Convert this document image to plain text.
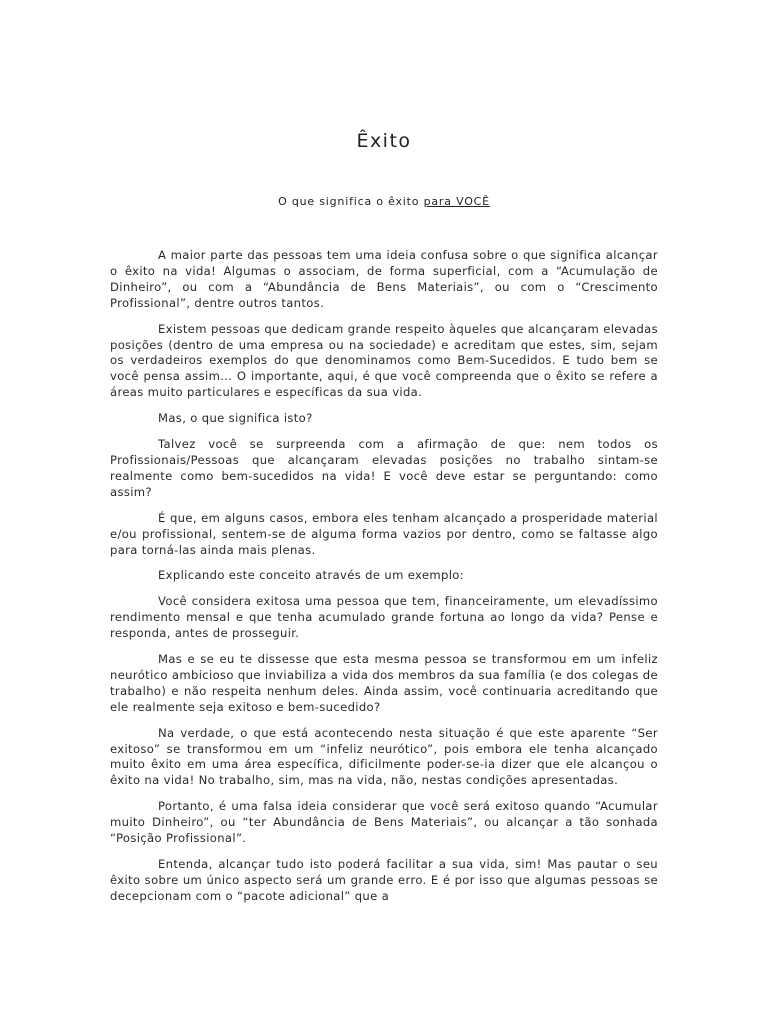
Êxito
O que significa o êxito para VOCÊ

A maior parte das pessoas tem uma ideia confusa sobre o que significa alcançar o êxito na vida! Algumas o associam, de forma superficial, com a “Acumulação de Dinheiro”, ou com a “Abundância de Bens Materiais”, ou com o “Crescimento Profissional”, dentre outros tantos.

Existem pessoas que dedicam grande respeito àqueles que alcançaram elevadas posições (dentro de uma empresa ou na sociedade) e acreditam que estes, sim, sejam os verdadeiros exemplos do que denominamos como Bem-Sucedidos. E tudo bem se você pensa assim... O importante, aqui, é que você compreenda que o êxito se refere a áreas muito particulares e específicas da sua vida.

Mas, o que significa isto?

Talvez você se surpreenda com a afirmação de que: nem todos os Profissionais/Pessoas que alcançaram elevadas posições no trabalho sintam-se realmente como bem-sucedidos na vida! E você deve estar se perguntando: como assim?

É que, em alguns casos, embora eles tenham alcançado a prosperidade material e/ou profissional, sentem-se de alguma forma vazios por dentro, como se faltasse algo para torná-las ainda mais plenas.

Explicando este conceito através de um exemplo:

Você considera exitosa uma pessoa que tem, financeiramente, um elevadíssimo rendimento mensal e que tenha acumulado grande fortuna ao longo da vida? Pense e responda, antes de prosseguir.

Mas e se eu te dissesse que esta mesma pessoa se transformou em um infeliz neurótico ambicioso que inviabiliza a vida dos membros da sua família (e dos colegas de trabalho) e não respeita nenhum deles. Ainda assim, você continuaria acreditando que ele realmente seja exitoso e bem-sucedido?

Na verdade, o que está acontecendo nesta situação é que este aparente “Ser exitoso” se transformou em um “infeliz neurótico”, pois embora ele tenha alcançado muito êxito em uma área específica, dificilmente poder-se-ia dizer que ele alcançou o êxito na vida! No trabalho, sim, mas na vida, não, nestas condições apresentadas.

Portanto, é uma falsa ideia considerar que você será exitoso quando “Acumular muito Dinheiro”, ou “ter Abundância de Bens Materiais”, ou alcançar a tão sonhada “Posição Profissional”.

Entenda, alcançar tudo isto poderá facilitar a sua vida, sim! Mas pautar o seu êxito sobre um único aspecto será um grande erro. E é por isso que algumas pessoas se decepcionam com o “pacote adicional” que a
